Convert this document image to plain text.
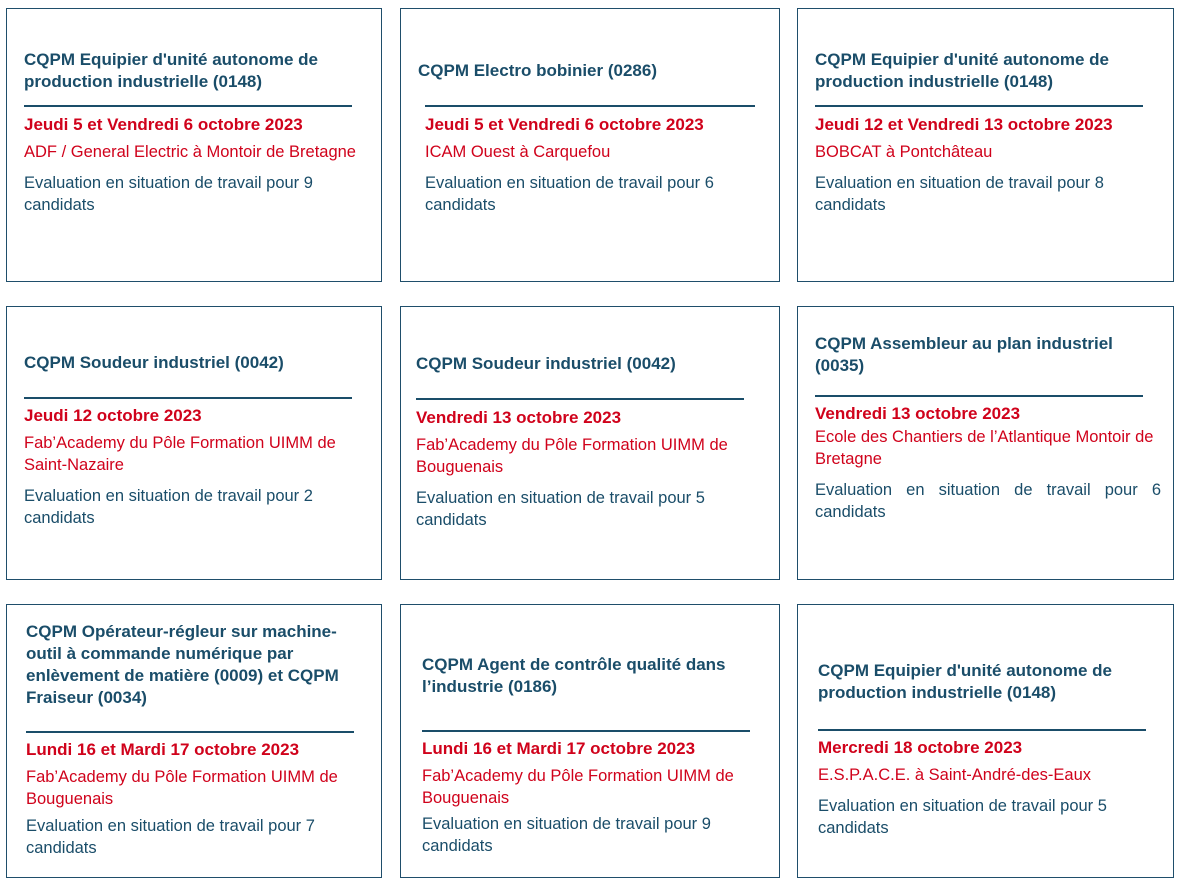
CQPM Equipier d'unité autonome de production industrielle (0148)

Jeudi 5 et Vendredi 6 octobre 2023
ADF / General Electric à Montoir de Bretagne
Evaluation en situation de travail pour 9 candidats

CQPM Electro bobinier (0286)

Jeudi 5 et Vendredi 6 octobre 2023
ICAM Ouest à Carquefou
Evaluation en situation de travail pour 6 candidats

CQPM Equipier d'unité autonome de production industrielle (0148)

Jeudi 12 et Vendredi 13 octobre 2023
BOBCAT à Pontchâteau
Evaluation en situation de travail pour 8 candidats

CQPM Soudeur industriel (0042)

Jeudi 12 octobre 2023
Fab’Academy du Pôle Formation UIMM de Saint-Nazaire
Evaluation en situation de travail pour 2 candidats

CQPM Soudeur industriel (0042)

Vendredi 13 octobre 2023
Fab’Academy du Pôle Formation UIMM de Bouguenais
Evaluation en situation de travail pour 5 candidats

CQPM Assembleur au plan industriel (0035)

Vendredi 13 octobre 2023
Ecole des Chantiers de l’Atlantique Montoir de Bretagne
Evaluation en situation de travail pour 6 candidats

CQPM Opérateur-régleur sur machine-outil à commande numérique par enlèvement de matière (0009) et CQPM Fraiseur (0034)

Lundi 16 et Mardi 17 octobre 2023
Fab’Academy du Pôle Formation UIMM de Bouguenais
Evaluation en situation de travail pour 7 candidats

CQPM Agent de contrôle qualité dans l’industrie (0186)

Lundi 16 et Mardi 17 octobre 2023
Fab’Academy du Pôle Formation UIMM de Bouguenais
Evaluation en situation de travail pour 9 candidats

CQPM Equipier d'unité autonome de production industrielle (0148)

Mercredi 18 octobre 2023
E.S.P.A.C.E. à Saint-André-des-Eaux
Evaluation en situation de travail pour 5 candidats
